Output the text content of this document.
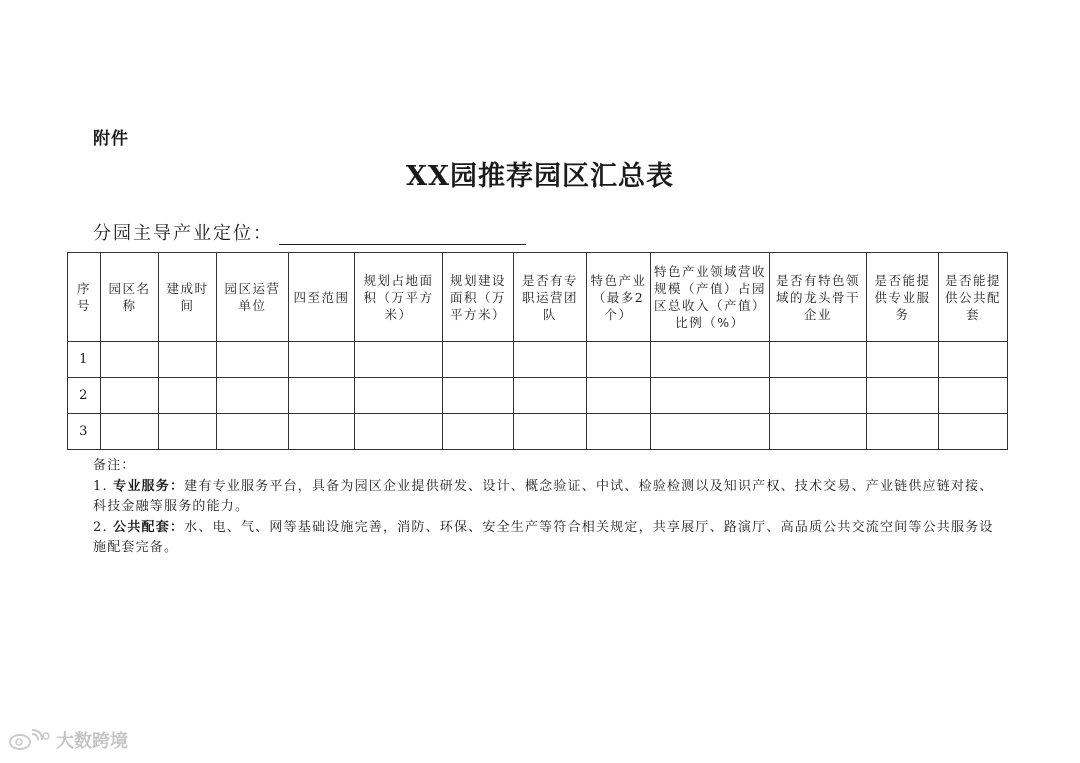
附件
XX园推荐园区汇总表
分园主导产业定位：
序号	园区名称	建成时间	园区运营单位	四至范围	规划占地面积（万平方米）	规划建设面积（万平方米）	是否有专职运营团队	特色产业（最多2个）	特色产业领域营收规模（产值）占园区总收入（产值）比例（%）	是否有特色领域的龙头骨干企业	是否能提供专业服务	是否能提供公共配套
1												
2												
3												
备注：
1. 专业服务：建有专业服务平台，具备为园区企业提供研发、设计、概念验证、中试、检验检测以及知识产权、技术交易、产业链供应链对接、科技金融等服务的能力。
2. 公共配套：水、电、气、网等基础设施完善，消防、环保、安全生产等符合相关规定，共享展厅、路演厅、高品质公共交流空间等公共服务设施配套完备。
大数跨境
